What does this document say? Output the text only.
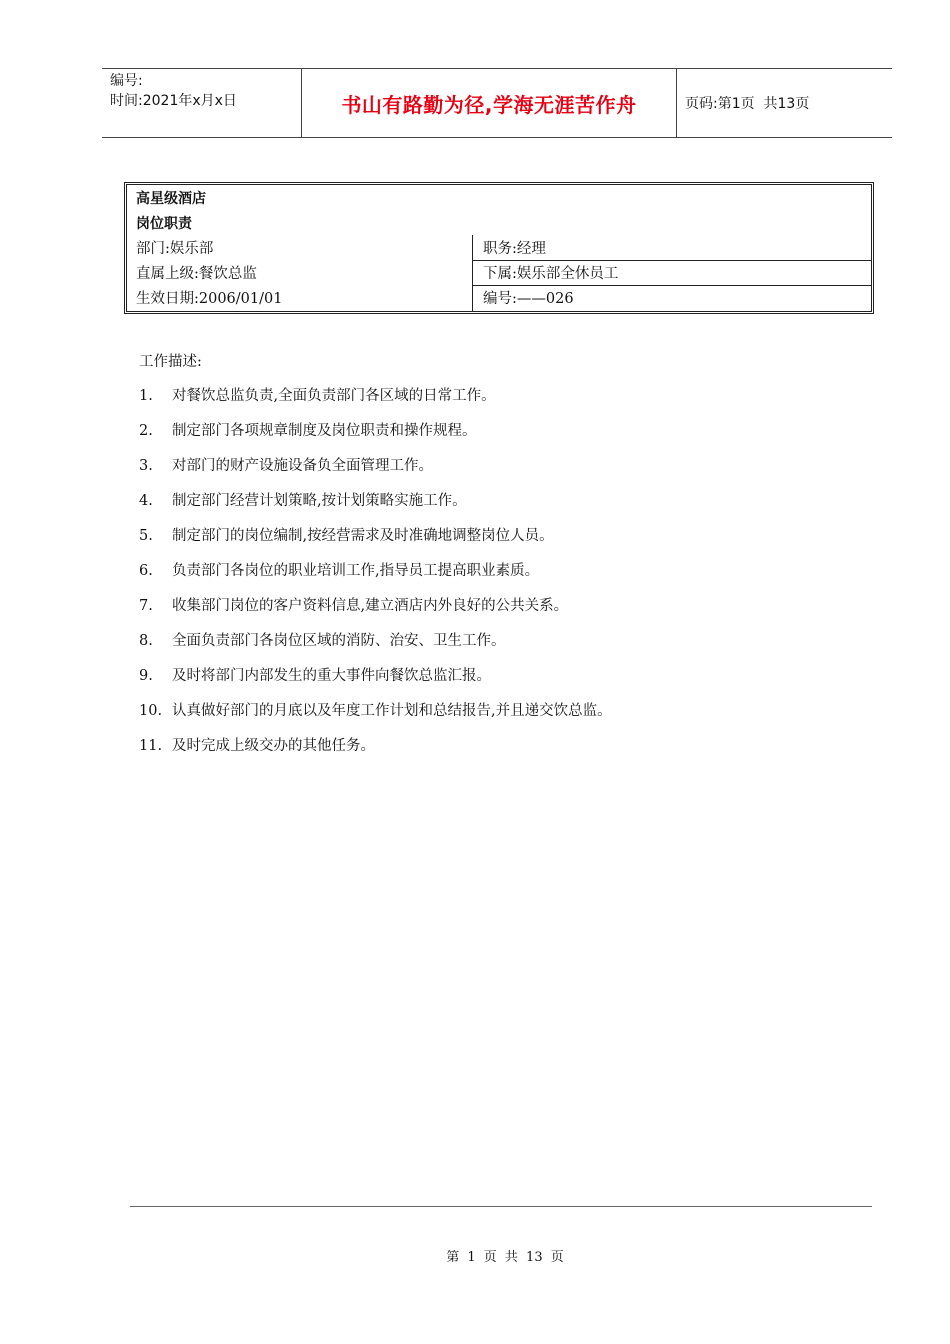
编号:
时间:2021年x月x日	书山有路勤为径,学海无涯苦作舟	页码:第1页  共13页
高星级酒店
岗位职责
部门:娱乐部	职务:经理
直属上级:餐饮总监	下属:娱乐部全休员工
生效日期:2006/01/01	编号:——026
工作描述:
1. 对餐饮总监负责,全面负责部门各区域的日常工作。
2. 制定部门各项规章制度及岗位职责和操作规程。
3. 对部门的财产设施设备负全面管理工作。
4. 制定部门经营计划策略,按计划策略实施工作。
5. 制定部门的岗位编制,按经营需求及时准确地调整岗位人员。
6. 负责部门各岗位的职业培训工作,指导员工提高职业素质。
7. 收集部门岗位的客户资料信息,建立酒店内外良好的公共关系。
8. 全面负责部门各岗位区域的消防、治安、卫生工作。
9. 及时将部门内部发生的重大事件向餐饮总监汇报。
10. 认真做好部门的月底以及年度工作计划和总结报告,并且递交饮总监。
11. 及时完成上级交办的其他任务。
第 1 页 共 13 页
